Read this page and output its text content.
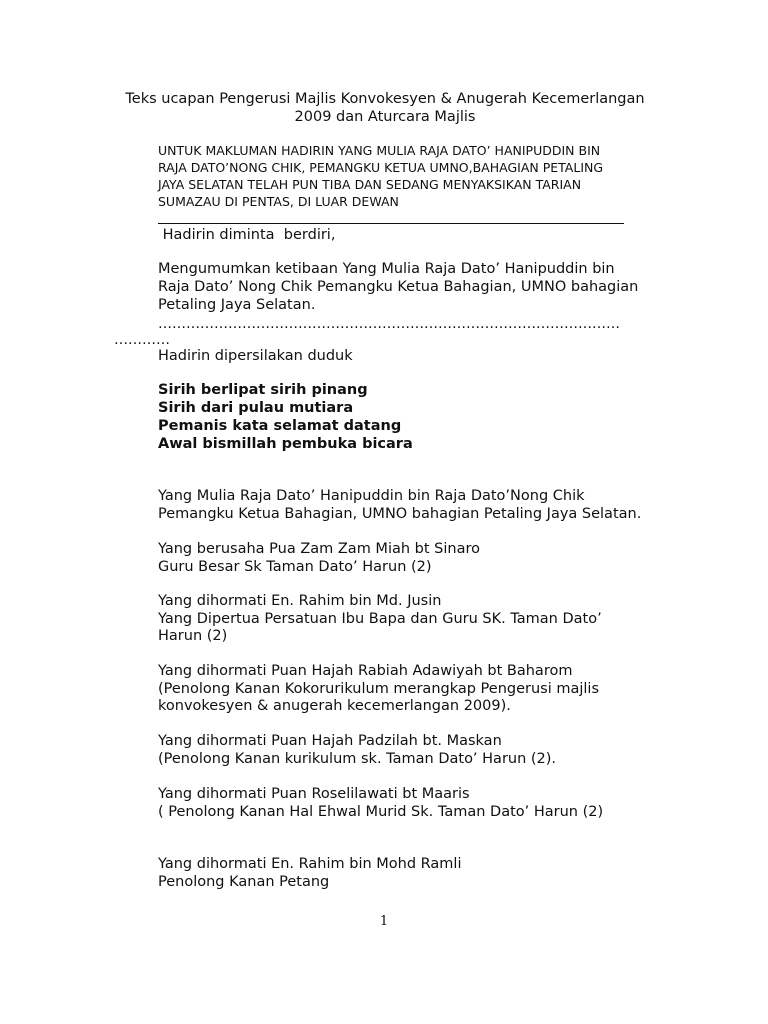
Teks ucapan Pengerusi Majlis Konvokesyen & Anugerah Kecemerlangan
2009 dan Aturcara Majlis
UNTUK MAKLUMAN HADIRIN YANG MULIA RAJA DATO’ HANIPUDDIN BIN
RAJA DATO’NONG CHIK, PEMANGKU KETUA UMNO,BAHAGIAN PETALING
JAYA SELATAN TELAH PUN TIBA DAN SEDANG MENYAKSIKAN TARIAN
SUMAZAU DI PENTAS, DI LUAR DEWAN
Hadirin diminta  berdiri,
Mengumumkan ketibaan Yang Mulia Raja Dato’ Hanipuddin bin
Raja Dato’ Nong Chik Pemangku Ketua Bahagian, UMNO bahagian
Petaling Jaya Selatan.
………………………………………………………………………………………
…………
Hadirin dipersilakan duduk
Sirih berlipat sirih pinang
Sirih dari pulau mutiara
Pemanis kata selamat datang
Awal bismillah pembuka bicara
Yang Mulia Raja Dato’ Hanipuddin bin Raja Dato’Nong Chik
Pemangku Ketua Bahagian, UMNO bahagian Petaling Jaya Selatan.
Yang berusaha Pua Zam Zam Miah bt Sinaro
Guru Besar Sk Taman Dato’ Harun (2)
Yang dihormati En. Rahim bin Md. Jusin
Yang Dipertua Persatuan Ibu Bapa dan Guru SK. Taman Dato’
Harun (2)
Yang dihormati Puan Hajah Rabiah Adawiyah bt Baharom
(Penolong Kanan Kokorurikulum merangkap Pengerusi majlis
konvokesyen & anugerah kecemerlangan 2009).
Yang dihormati Puan Hajah Padzilah bt. Maskan
(Penolong Kanan kurikulum sk. Taman Dato’ Harun (2).
Yang dihormati Puan Roselilawati bt Maaris
( Penolong Kanan Hal Ehwal Murid Sk. Taman Dato’ Harun (2)
Yang dihormati En. Rahim bin Mohd Ramli
Penolong Kanan Petang
1
